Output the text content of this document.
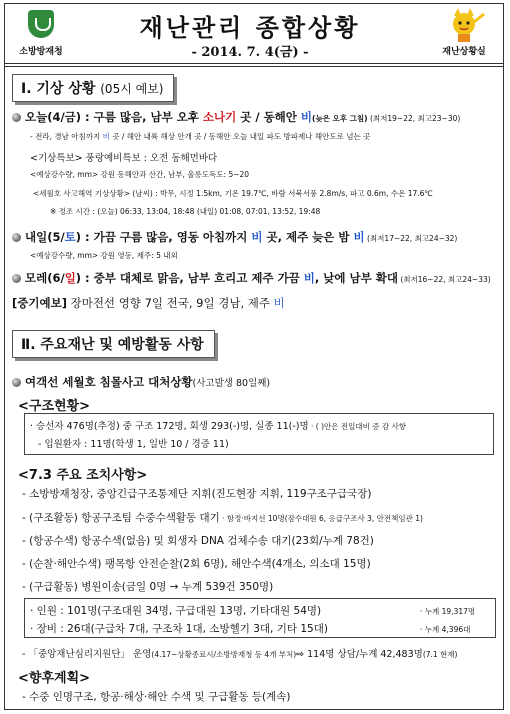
소방방재청
재난관리 종합상황
- 2014. 7. 4(금) -	재난상황실
Ⅰ. 기상 상황 (05시 예보)
오늘(4/금) : 구름 많음, 남부 오후 소나기 곳 / 동해안 비(늦은 오후 그침) (최저19~22, 최고23~30)
- 전라, 경남 아침까지 비 곳 / 해안 내륙 해상 안개 곳 / 동해안 오늘 내일 파도 방파제나 해안도로 넘는 곳
<기상특보> 풍랑예비특보 : 오전 동해먼바다
<예상강수량, mm> 강원 동해안과 산간, 남부, 울릉도독도: 5~20
<세월호 사고해역 기상상황> (날씨) : 박무, 시정 1.5km, 기온 19.7℃, 바람 서북서풍 2.8m/s, 파고 0.6m, 수온 17.6℃
※ 정조 시간 : (오늘) 06:33, 13:04, 18:48 (내일) 01:08, 07:01, 13:52, 19:48
내일(5/토) : 가끔 구름 많음, 영동 아침까지 비 곳, 제주 늦은 밤 비 (최저17~22, 최고24~32)
<예상강수량, mm> 강원 영동, 제주: 5 내외
모레(6/일) : 중부 대체로 맑음, 남부 흐리고 제주 가끔 비, 낮에 남부 확대 (최저16~22, 최고24~33)
[중기예보] 장마전선 영향 7일 전국, 9일 경남, 제주 비
Ⅱ. 주요재난 및 예방활동 사항
여객선 세월호 침몰사고 대처상황(사고발생 80일째)
<구조현황>
· 승선자 476명(추정) 중 구조 172명, 회생 293(-)명, 실종 11(-)명 · ( )안은 전일대비 증 감 사항
- 입원환자 : 11명(학생 1, 일반 10 / 경증 11)
<7.3 주요 조치사항>
- 소방방재청장, 중앙긴급구조통제단 지휘(진도현장 지휘, 119구조구급국장)
- (구조활동) 항공구조팀 수중수색활동 대기 · 함정·바지선 10명(잠수대원 6, 응급구조사 3, 안전책임관 1)
- (항공수색) 항공수색(없음) 및 회생자 DNA 검체수송 대기(23회/누계 78건)
- (순찰·해안수색) 팽목항 안전순찰(2회 6명), 해안수색(4개소, 의소대 15명)
- (구급활동) 병원이송(금일 0명 → 누계 539건 350명)
· 인원 : 101명(구조대원 34명, 구급대원 13명, 기타대원 54명)	· 누계 19,317명
· 장비 : 26대(구급차 7대, 구조차 1대, 소방헬기 3대, 기타 15대)	· 누계 4,396대
- 「중앙재난심리지원단」 운영(4.17~상황종료시/소방방재청 등 4개 부처)⇨ 114명 상담/누계 42,483명(7.1 현재)
<향후계획>
- 수중 인명구조, 항공·해상·해안 수색 및 구급활동 등(계속)
